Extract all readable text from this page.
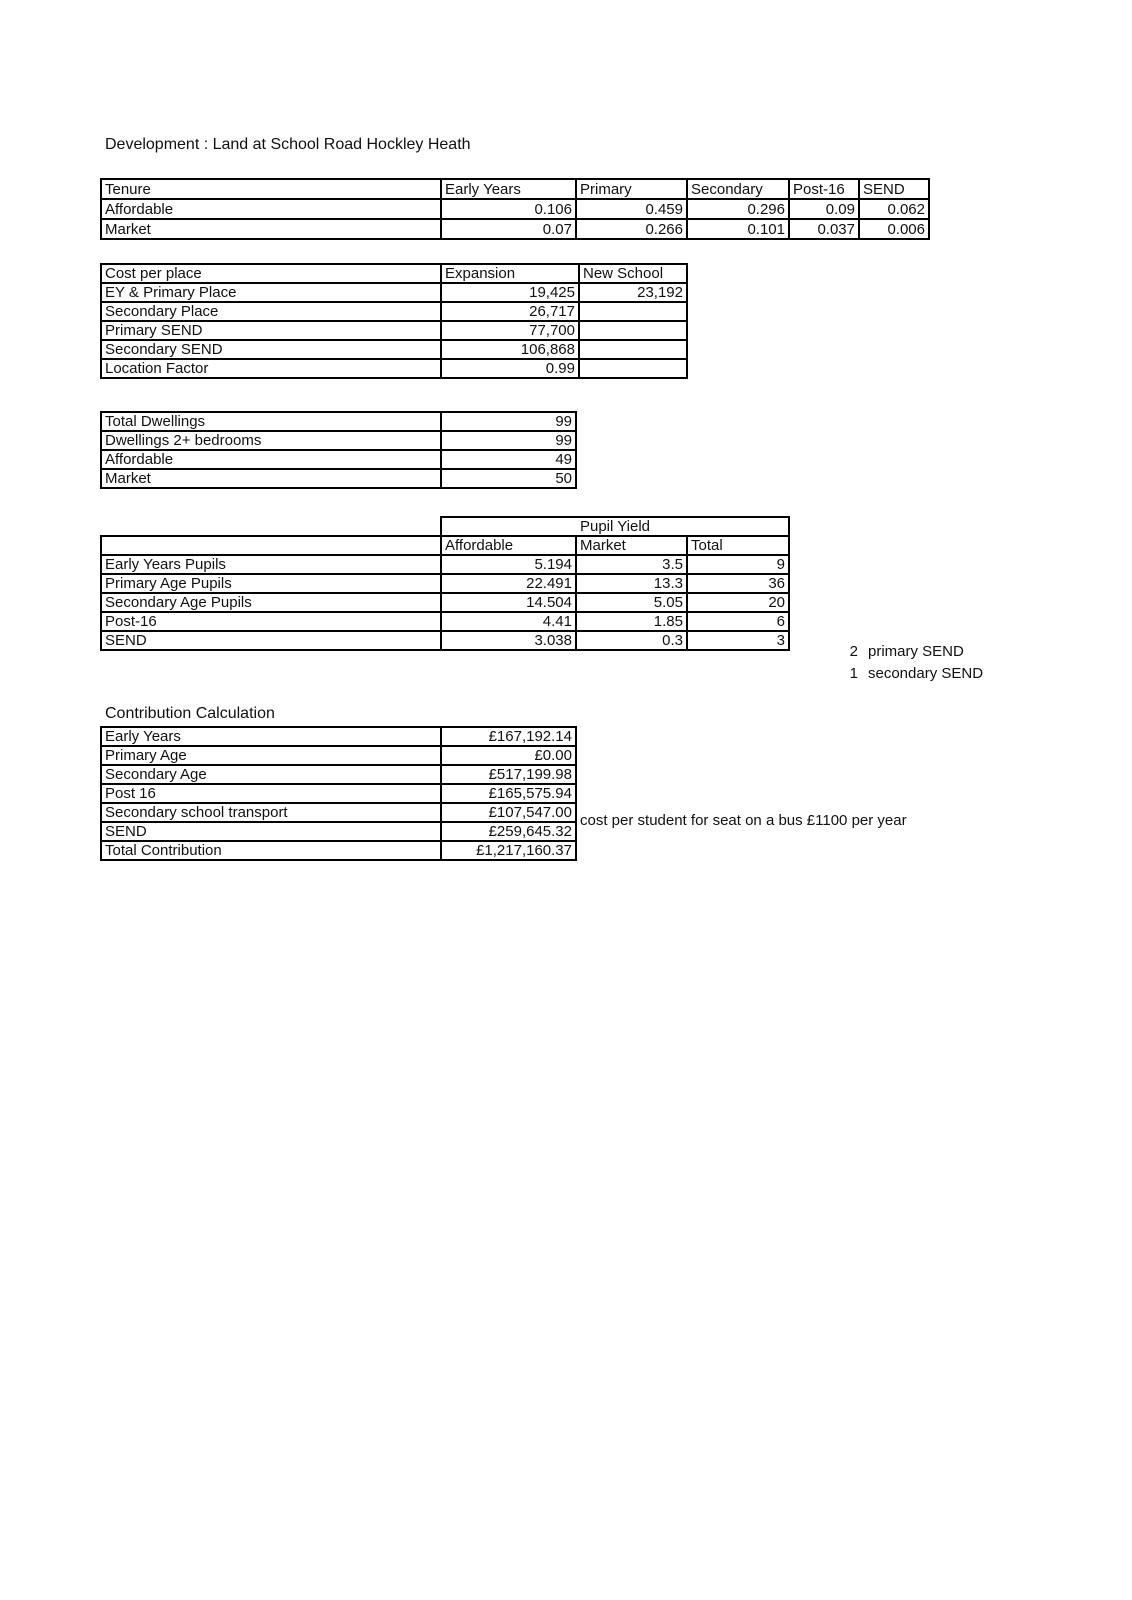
Development : Land at School Road Hockley Heath
Tenure	Early Years	Primary	Secondary	Post-16	SEND
Affordable	0.106	0.459	0.296	0.09	0.062
Market	0.07	0.266	0.101	0.037	0.006
Cost per place	Expansion	New School
EY & Primary Place	19,425	23,192
Secondary Place	26,717	
Primary SEND	77,700	
Secondary SEND	106,868	
Location Factor	0.99	
Total Dwellings	99
Dwellings 2+ bedrooms	99
Affordable	49
Market	50
	Pupil Yield		
	Affordable	Market	Total
Early Years Pupils	5.194	3.5	9
Primary Age Pupils	22.491	13.3	36
Secondary Age Pupils	14.504	5.05	20
Post-16	4.41	1.85	6
SEND	3.038	0.3	3
2 primary SEND
1 secondary SEND
Contribution Calculation
Early Years	£167,192.14
Primary Age	£0.00
Secondary Age	£517,199.98
Post 16	£165,575.94
Secondary school transport	£107,547.00
SEND	£259,645.32
Total Contribution	£1,217,160.37
cost per student for seat on a bus £1100 per year
